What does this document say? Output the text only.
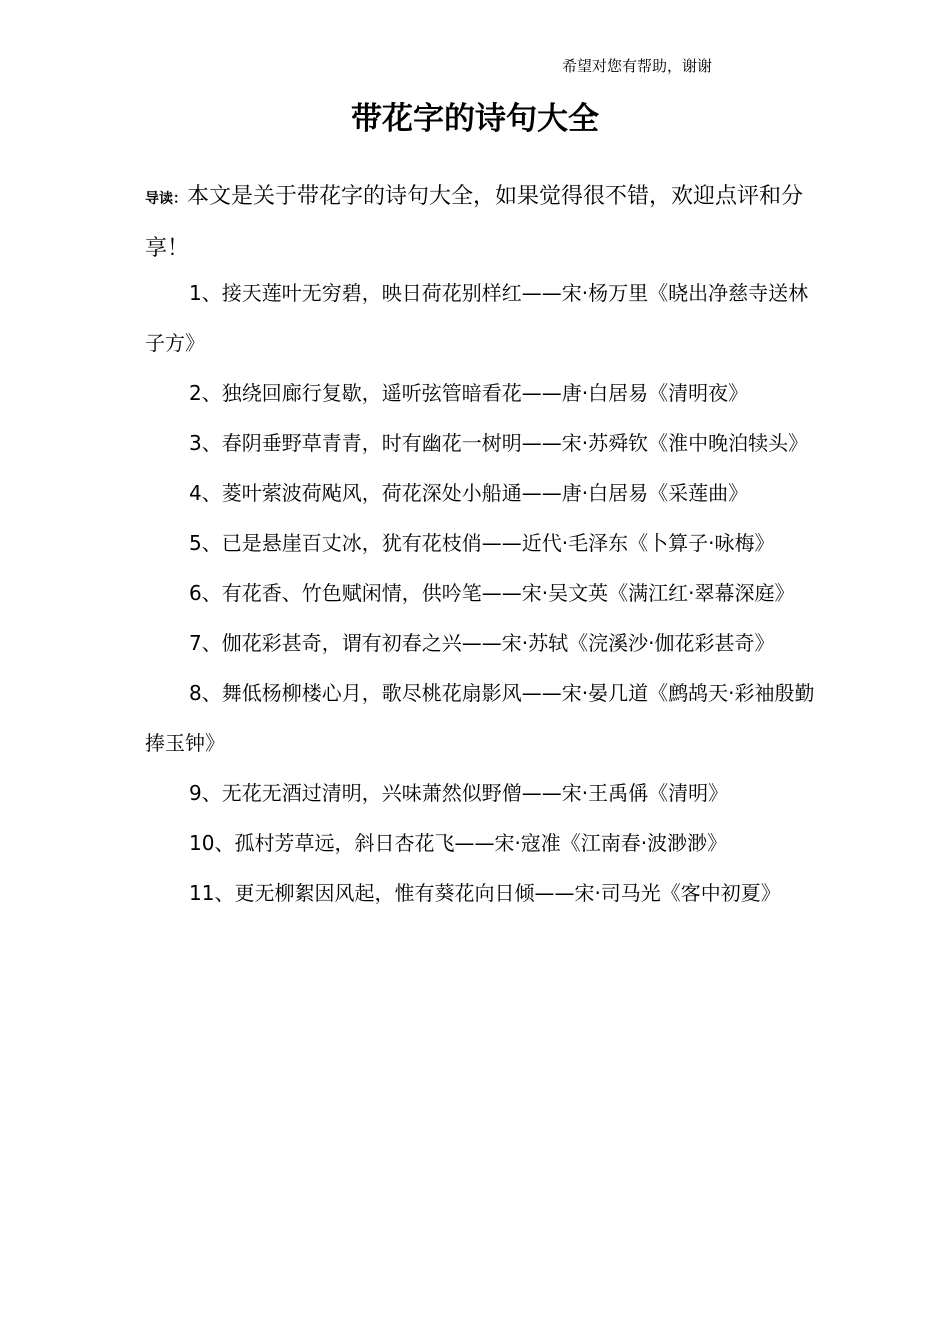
希望对您有帮助，谢谢
带花字的诗句大全

导读：本文是关于带花字的诗句大全，如果觉得很不错，欢迎点评和分享！

1、接天莲叶无穷碧，映日荷花别样红——宋·杨万里《晓出净慈寺送林子方》
2、独绕回廊行复歇，遥听弦管暗看花——唐·白居易《清明夜》
3、春阴垂野草青青，时有幽花一树明——宋·苏舜钦《淮中晚泊犊头》
4、菱叶萦波荷飐风，荷花深处小船通——唐·白居易《采莲曲》
5、已是悬崖百丈冰，犹有花枝俏——近代·毛泽东《卜算子·咏梅》
6、有花香、竹色赋闲情，供吟笔——宋·吴文英《满江红·翠幕深庭》
7、伽花彩甚奇，谓有初春之兴——宋·苏轼《浣溪沙·伽花彩甚奇》
8、舞低杨柳楼心月，歌尽桃花扇影风——宋·晏几道《鹧鸪天·彩袖殷勤捧玉钟》
9、无花无酒过清明，兴味萧然似野僧——宋·王禹偁《清明》
10、孤村芳草远，斜日杏花飞——宋·寇准《江南春·波渺渺》
11、更无柳絮因风起，惟有葵花向日倾——宋·司马光《客中初夏》
